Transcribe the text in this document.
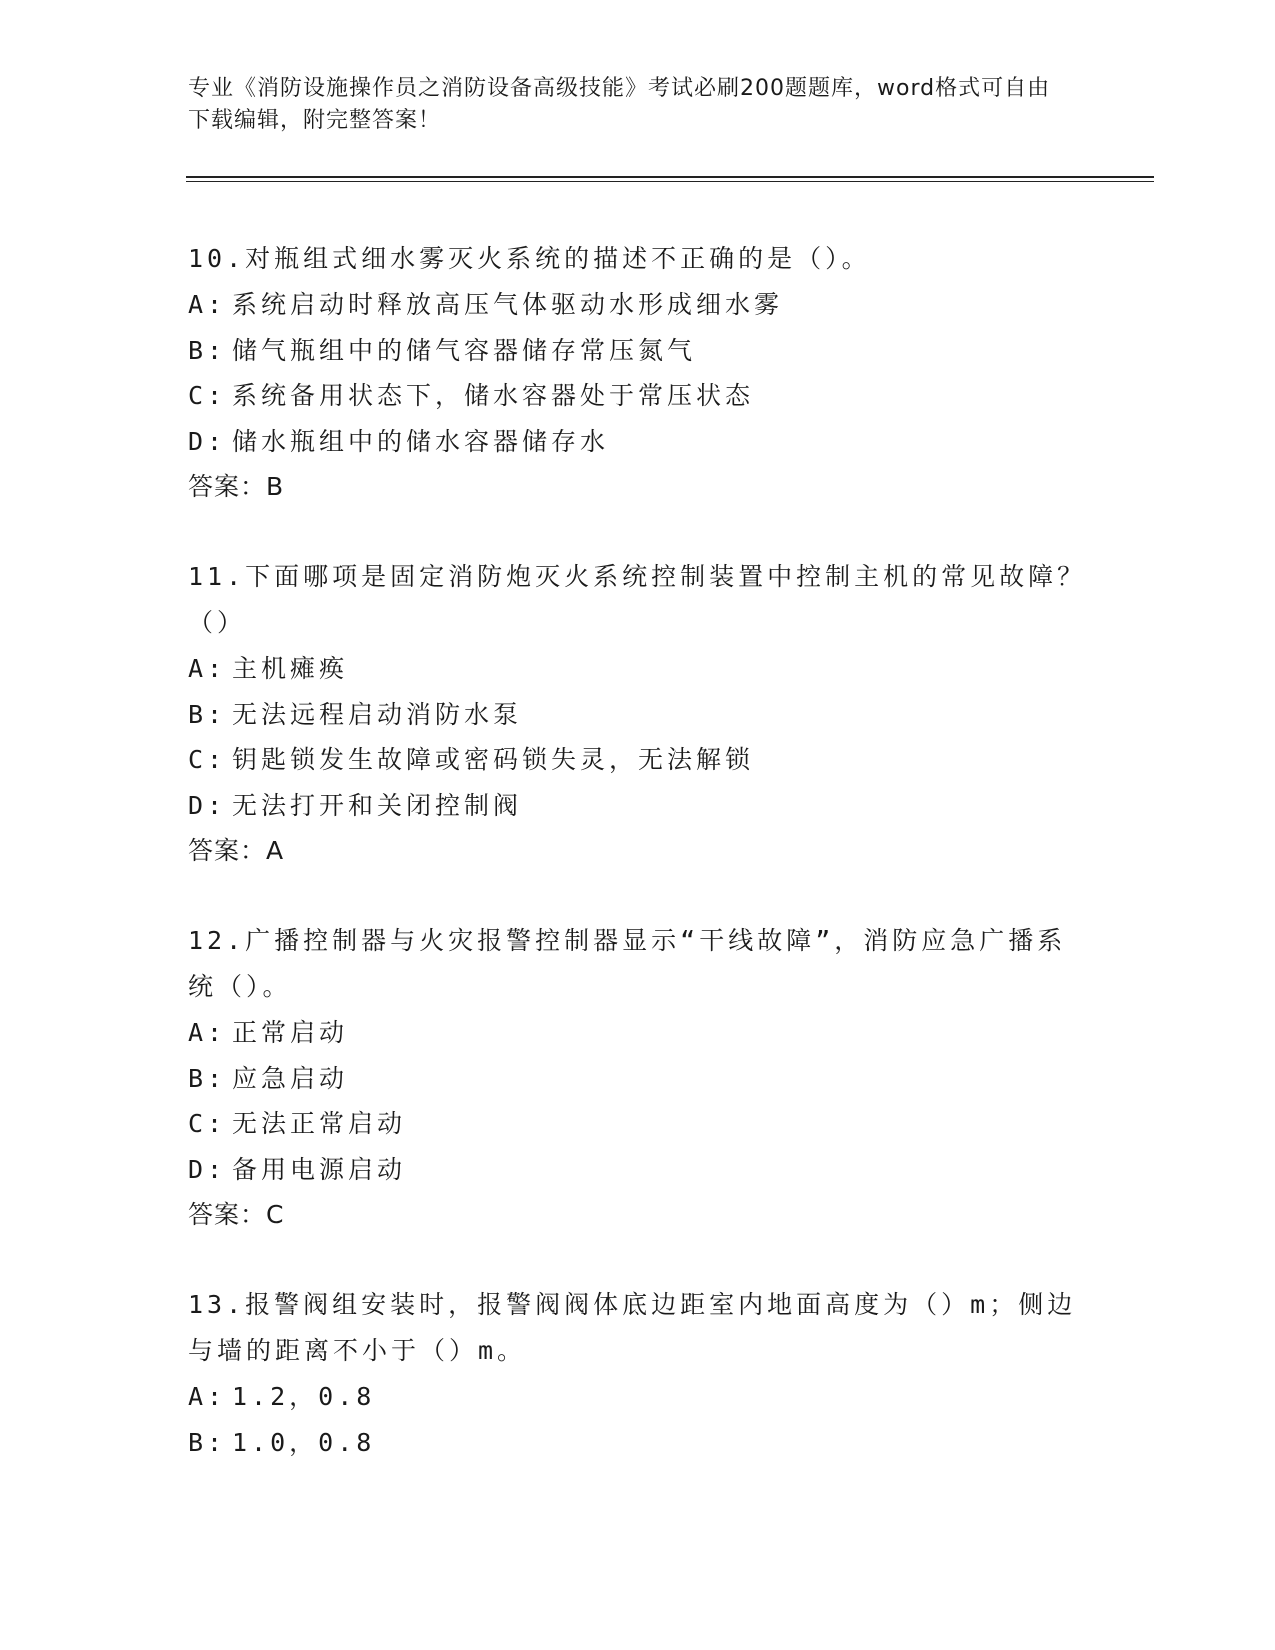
专业《消防设施操作员之消防设备高级技能》考试必刷200题题库，word格式可自由下载编辑，附完整答案！

10.对瓶组式细水雾灭火系统的描述不正确的是（）。

A: 系统启动时释放高压气体驱动水形成细水雾

B: 储气瓶组中的储气容器储存常压氮气

C: 系统备用状态下，储水容器处于常压状态

D: 储水瓶组中的储水容器储存水

答案：B

11.下面哪项是固定消防炮灭火系统控制装置中控制主机的常见故障？（）

A: 主机瘫痪

B: 无法远程启动消防水泵

C: 钥匙锁发生故障或密码锁失灵，无法解锁

D: 无法打开和关闭控制阀

答案：A

12.广播控制器与火灾报警控制器显示“干线故障”，消防应急广播系统（）。

A: 正常启动

B: 应急启动

C: 无法正常启动

D: 备用电源启动

答案：C

13.报警阀组安装时，报警阀阀体底边距室内地面高度为（）m；侧边与墙的距离不小于（）m。

A: 1.2，0.8

B: 1.0，0.8
